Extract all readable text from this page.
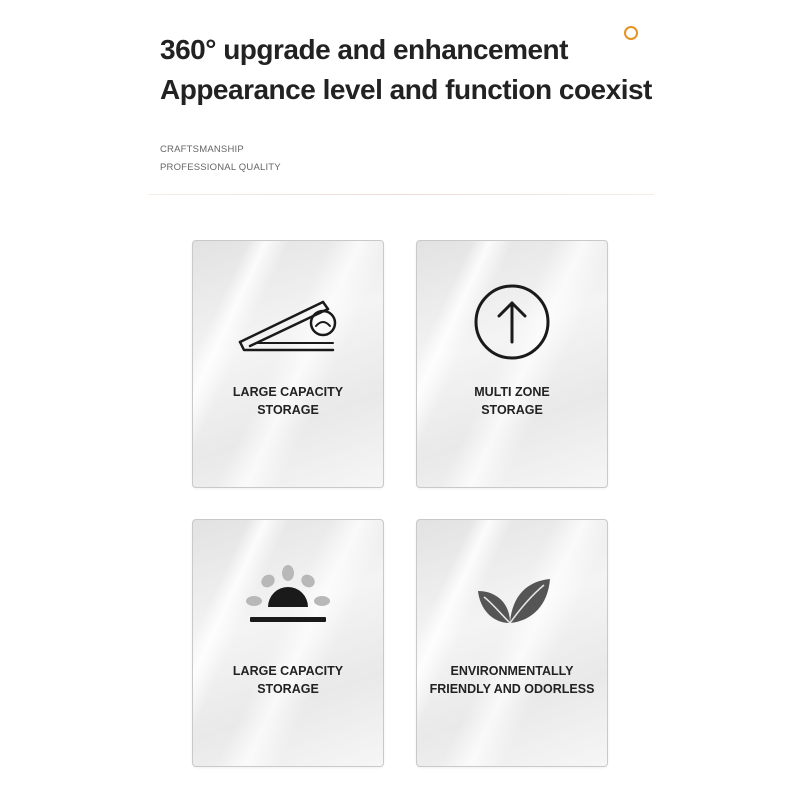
360° upgrade and enhancement
Appearance level and function coexist
CRAFTSMANSHIP
PROFESSIONAL QUALITY
LARGE CAPACITY
STORAGE
MULTI ZONE
STORAGE
LARGE CAPACITY
STORAGE
ENVIRONMENTALLY
FRIENDLY AND ODORLESS
